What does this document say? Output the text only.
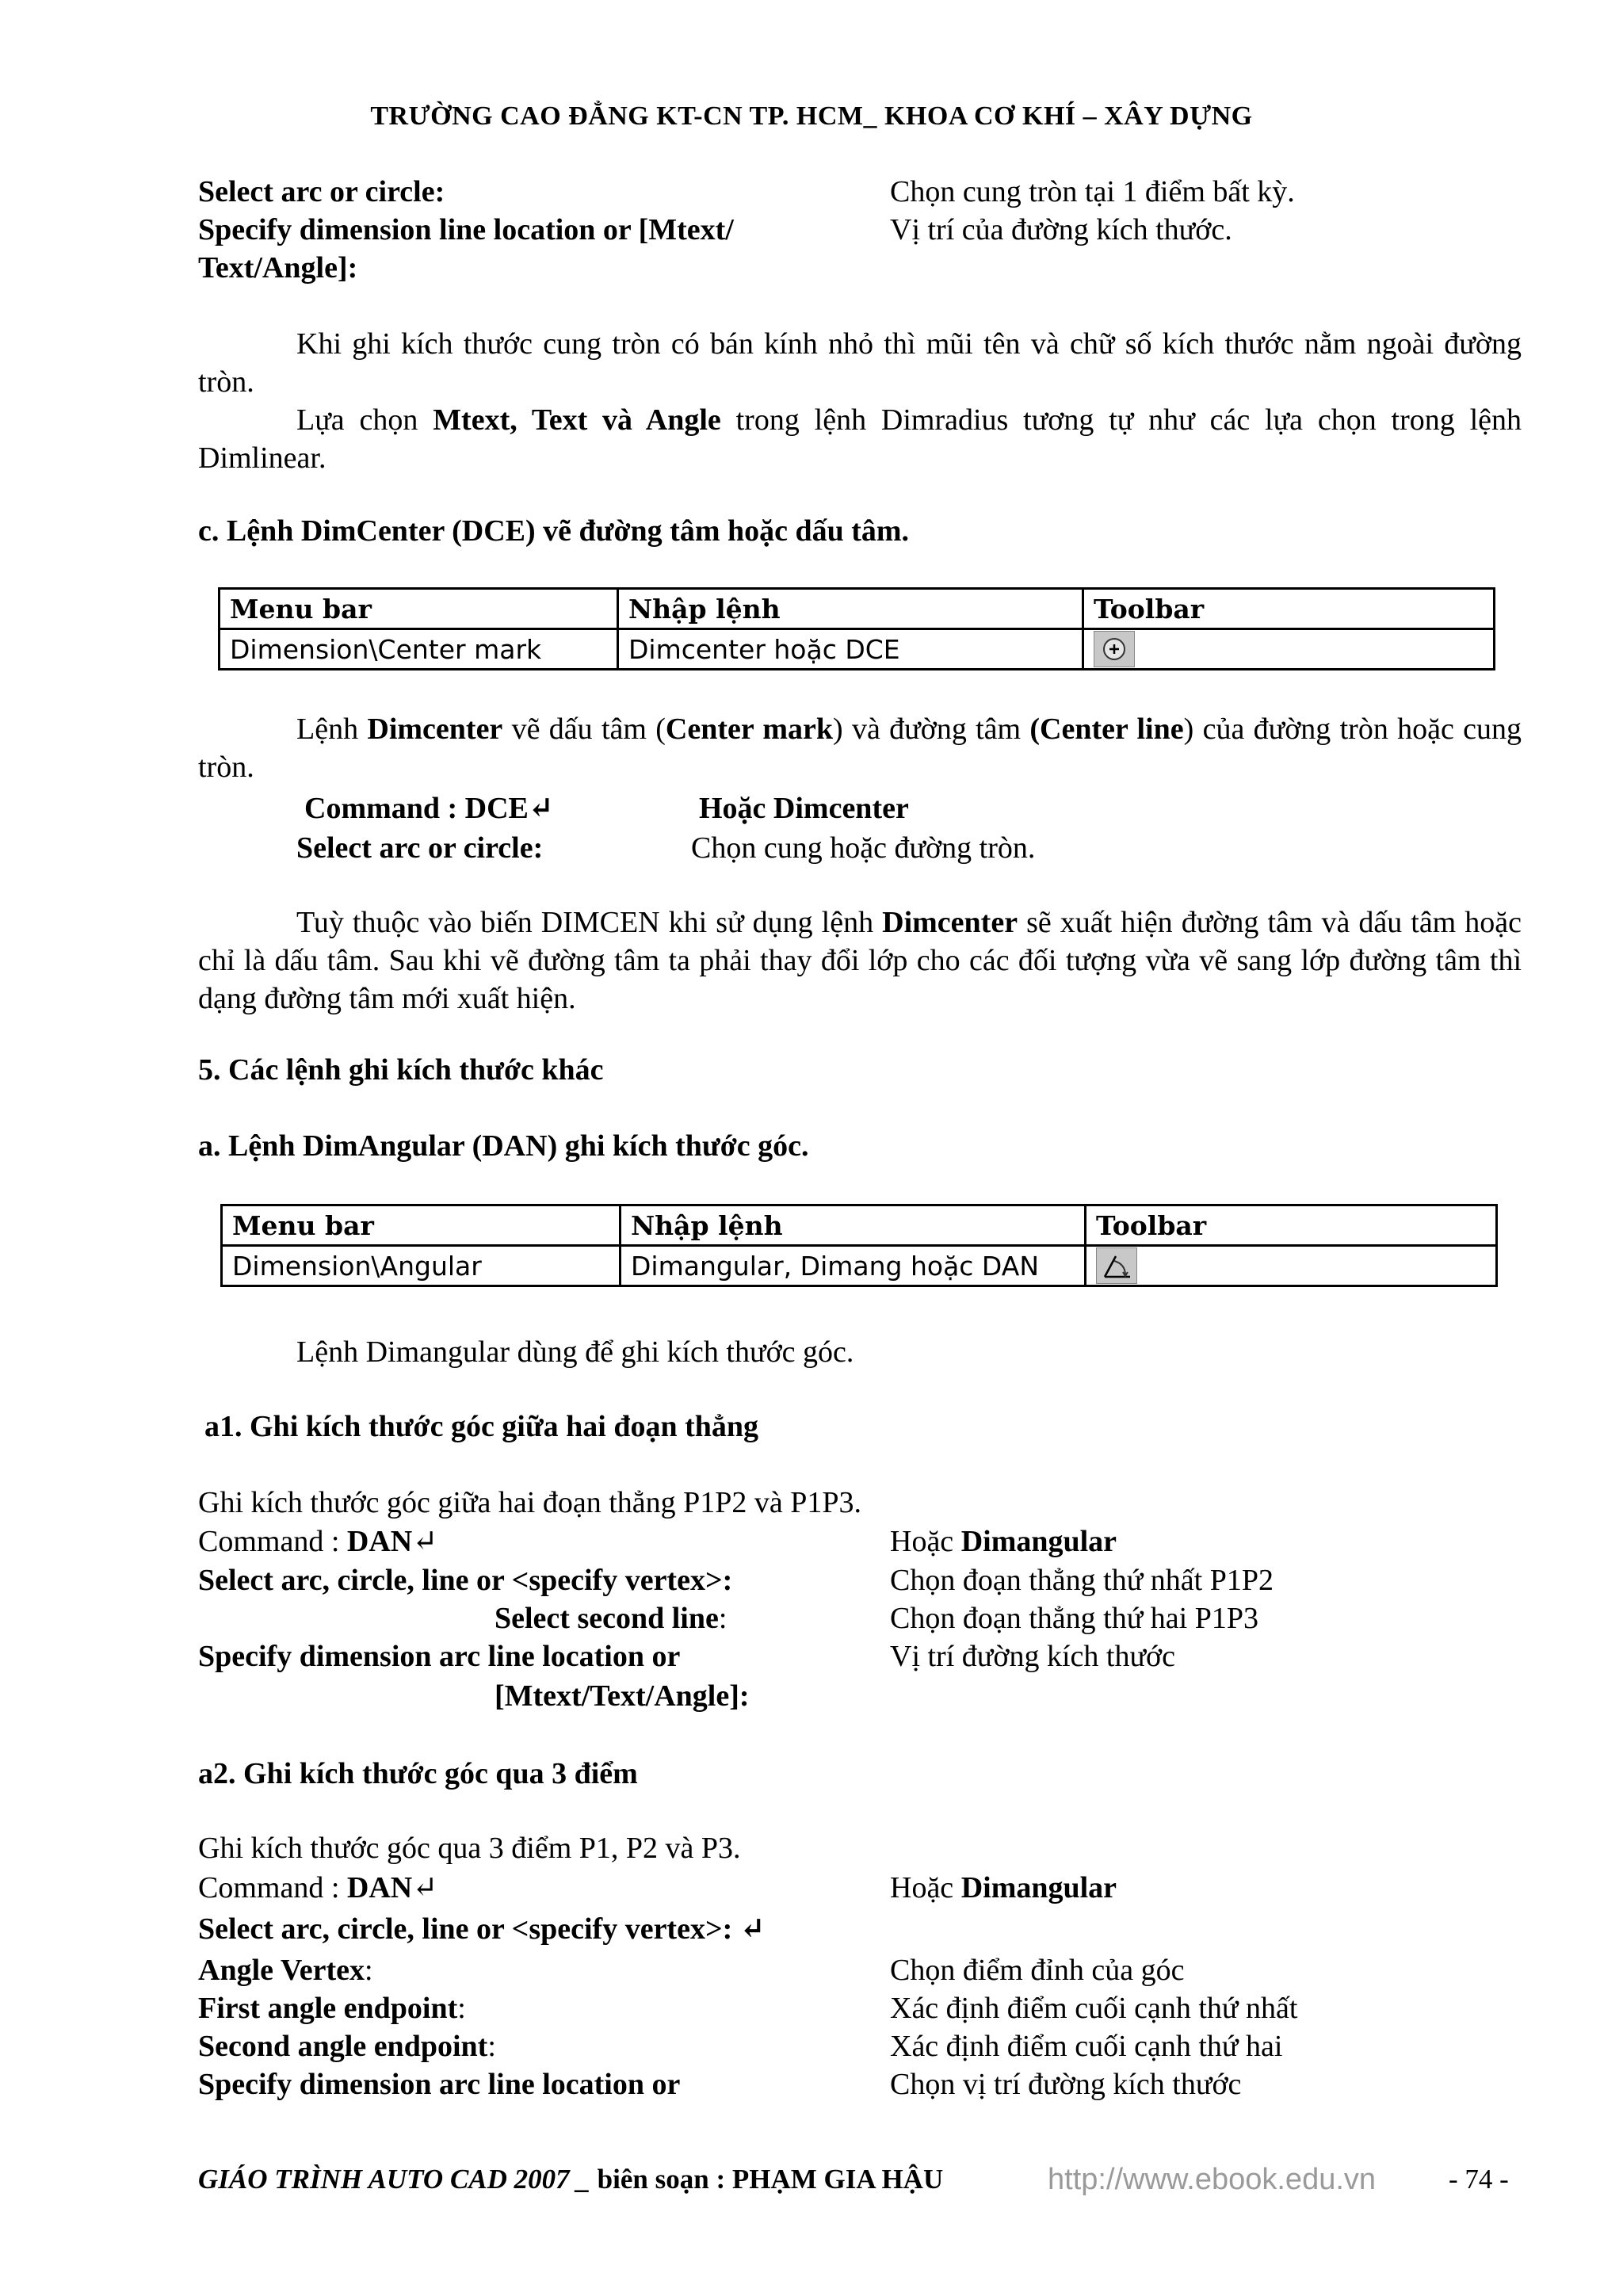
TRƯỜNG CAO ĐẲNG KT-CN TP. HCM_ KHOA CƠ KHÍ – XÂY DỰNG
Select arc or circle:	Chọn cung tròn tại 1 điểm bất kỳ.
Specify dimension line location or [Mtext/	Vị trí của đường kích thước.
Text/Angle]:
Khi ghi kích thước cung tròn có bán kính nhỏ thì mũi tên và chữ số kích thước nằm ngoài đường tròn.
Lựa chọn Mtext, Text và Angle trong lệnh Dimradius tương tự như các lựa chọn trong lệnh Dimlinear.
c. Lệnh DimCenter (DCE) vẽ đường tâm hoặc dấu tâm.
Menu bar	Nhập lệnh	Toolbar
Dimension\Center mark	Dimcenter hoặc DCE	
Lệnh Dimcenter vẽ dấu tâm (Center mark) và đường tâm (Center line) của đường tròn hoặc cung tròn.
Command : DCE↵	Hoặc Dimcenter
Select arc or circle:	Chọn cung hoặc đường tròn.
Tuỳ thuộc vào biến DIMCEN khi sử dụng lệnh Dimcenter sẽ xuất hiện đường tâm và dấu tâm hoặc chỉ là dấu tâm. Sau khi vẽ đường tâm ta phải thay đổi lớp cho các đối tượng vừa vẽ sang lớp đường tâm thì dạng đường tâm mới xuất hiện.
5. Các lệnh ghi kích thước khác
a. Lệnh DimAngular (DAN) ghi kích thước góc.
Menu bar	Nhập lệnh	Toolbar
Dimension\Angular	Dimangular, Dimang hoặc DAN	
Lệnh Dimangular dùng để ghi kích thước góc.
a1. Ghi kích thước góc giữa hai đoạn thẳng
Ghi kích thước góc giữa hai đoạn thẳng P1P2 và P1P3.
Command : DAN↵	Hoặc Dimangular
Select arc, circle, line or <specify vertex>:	Chọn đoạn thẳng thứ nhất P1P2
Select second line:	Chọn đoạn thẳng thứ hai P1P3
Specify dimension arc line location or	Vị trí đường kích thước
[Mtext/Text/Angle]:
a2. Ghi kích thước góc qua 3 điểm
Ghi kích thước góc qua 3 điểm P1, P2 và P3.
Command : DAN↵	Hoặc Dimangular
Select arc, circle, line or <specify vertex>: ↵
Angle Vertex:	Chọn điểm đỉnh của góc
First angle endpoint:	Xác định điểm cuối cạnh thứ nhất
Second angle endpoint:	Xác định điểm cuối cạnh thứ hai
Specify dimension arc line location or	Chọn vị trí đường kích thước
GIÁO TRÌNH AUTO CAD 2007 _ biên soạn : PHẠM GIA HẬU	http://www.ebook.edu.vn	- 74 -
